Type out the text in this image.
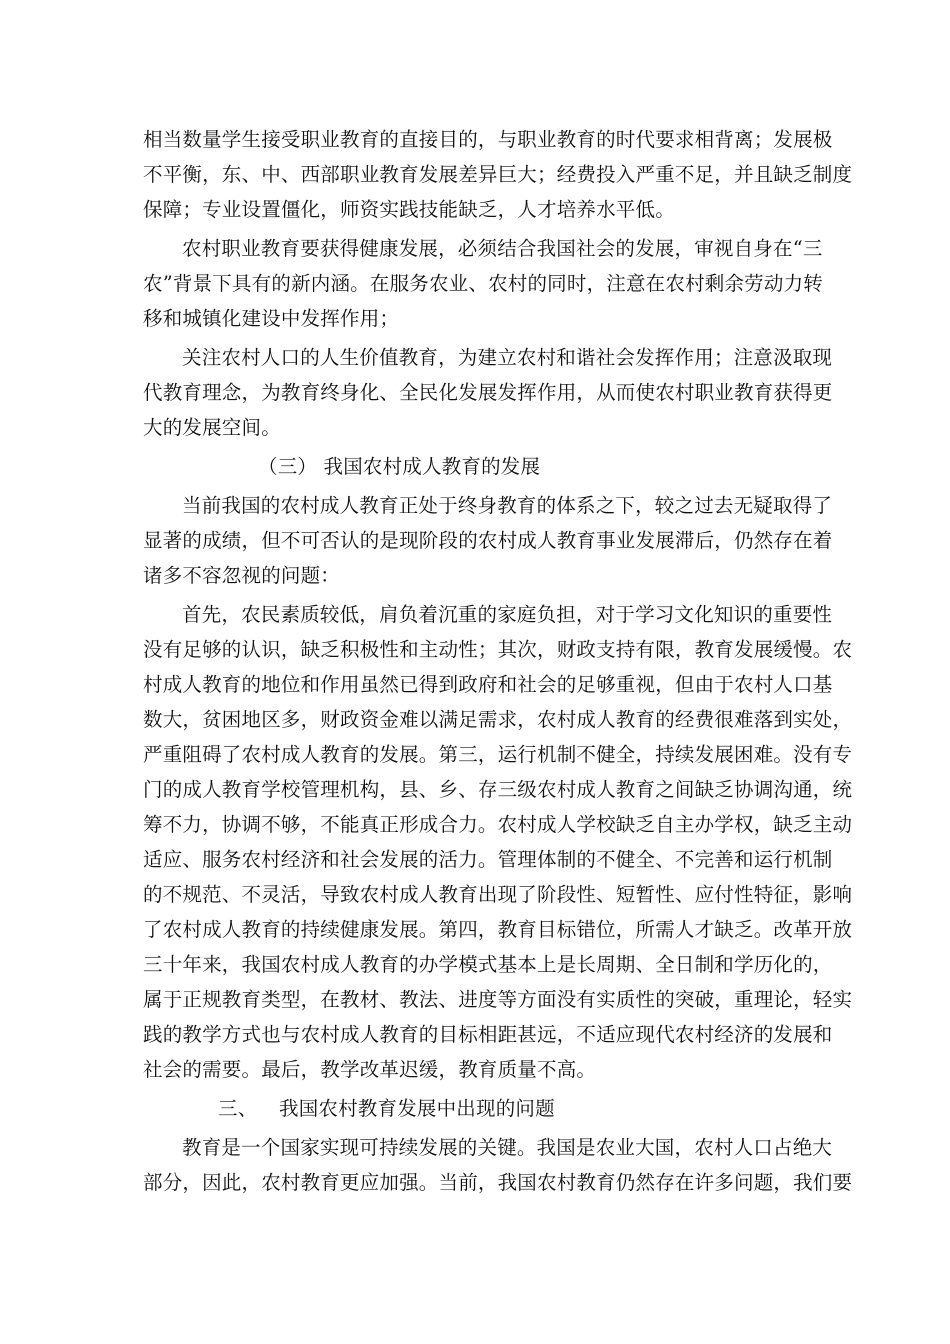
相当数量学生接受职业教育的直接目的，与职业教育的时代要求相背离；发展极
不平衡，东、中、西部职业教育发展差异巨大；经费投入严重不足，并且缺乏制度
保障；专业设置僵化，师资实践技能缺乏，人才培养水平低。
农村职业教育要获得健康发展，必须结合我国社会的发展，审视自身在“三
农”背景下具有的新内涵。在服务农业、农村的同时，注意在农村剩余劳动力转
移和城镇化建设中发挥作用；
关注农村人口的人生价值教育，为建立农村和谐社会发挥作用；注意汲取现
代教育理念，为教育终身化、全民化发展发挥作用，从而使农村职业教育获得更
大的发展空间。
（三） 我国农村成人教育的发展
当前我国的农村成人教育正处于终身教育的体系之下，较之过去无疑取得了
显著的成绩，但不可否认的是现阶段的农村成人教育事业发展滞后，仍然存在着
诸多不容忽视的问题：
首先，农民素质较低，肩负着沉重的家庭负担，对于学习文化知识的重要性
没有足够的认识，缺乏积极性和主动性；其次，财政支持有限，教育发展缓慢。农
村成人教育的地位和作用虽然已得到政府和社会的足够重视，但由于农村人口基
数大，贫困地区多，财政资金难以满足需求，农村成人教育的经费很难落到实处，
严重阻碍了农村成人教育的发展。第三，运行机制不健全，持续发展困难。没有专
门的成人教育学校管理机构，县、乡、存三级农村成人教育之间缺乏协调沟通，统
筹不力，协调不够，不能真正形成合力。农村成人学校缺乏自主办学权，缺乏主动
适应、服务农村经济和社会发展的活力。管理体制的不健全、不完善和运行机制
的不规范、不灵活，导致农村成人教育出现了阶段性、短暂性、应付性特征，影响
了农村成人教育的持续健康发展。第四，教育目标错位，所需人才缺乏。改革开放
三十年来，我国农村成人教育的办学模式基本上是长周期、全日制和学历化的，
属于正规教育类型，在教材、教法、进度等方面没有实质性的突破，重理论，轻实
践的教学方式也与农村成人教育的目标相距甚远，不适应现代农村经济的发展和
社会的需要。最后，教学改革迟缓，教育质量不高。
三、 我国农村教育发展中出现的问题
教育是一个国家实现可持续发展的关键。我国是农业大国，农村人口占绝大
部分，因此，农村教育更应加强。当前，我国农村教育仍然存在许多问题，我们要
